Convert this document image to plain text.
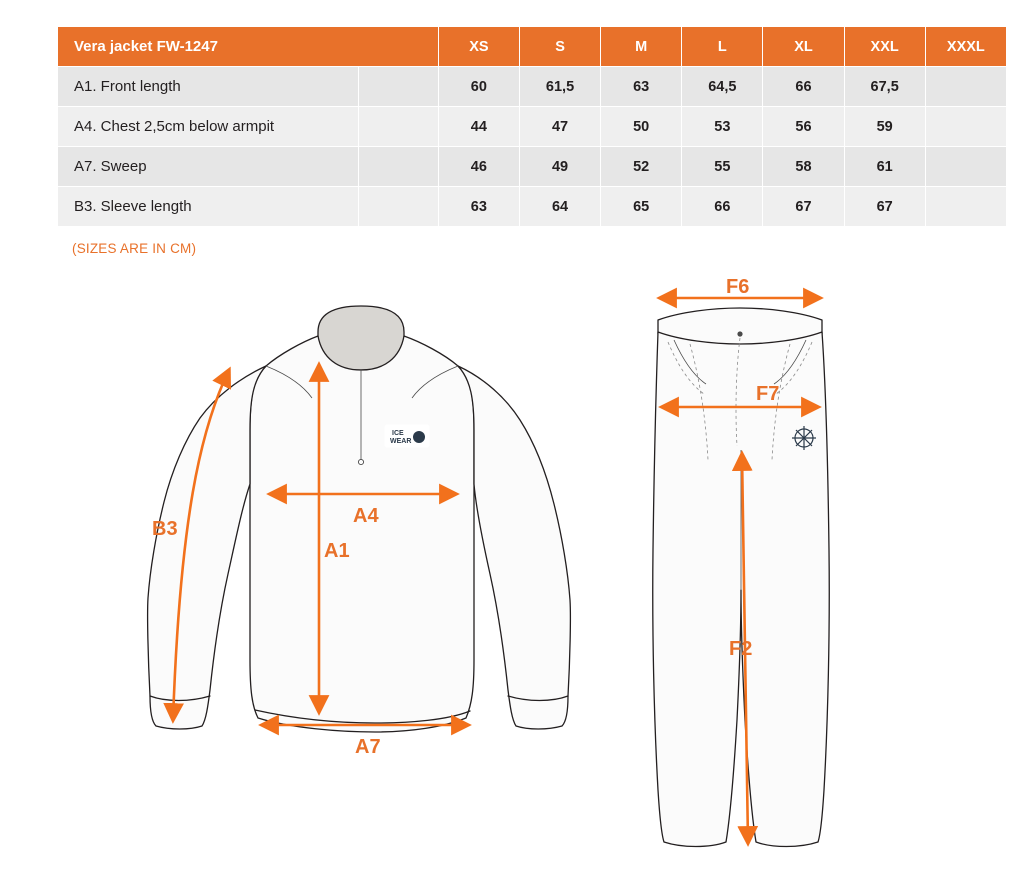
Vera jacket FW-1247		XS	S	M	L	XL	XXL	XXXL
A1. Front length		60	61,5	63	64,5	66	67,5	
A4. Chest 2,5cm below armpit		44	47	50	53	56	59	
A7. Sweep		46	49	52	55	58	61	
B3. Sleeve length		63	64	65	66	67	67	
(SIZES ARE IN CM)
ICE
WEAR
B3
A4
A1
A7
F6
F7
F2
